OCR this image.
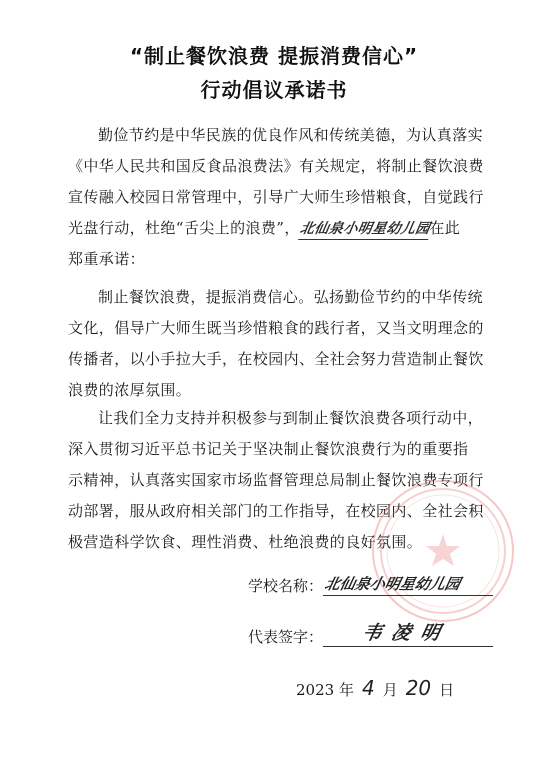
“制止餐饮浪费 提振消费信心”
行动倡议承诺书
勤俭节约是中华民族的优良作风和传统美德，为认真落实
《中华人民共和国反食品浪费法》有关规定，将制止餐饮浪费
宣传融入校园日常管理中，引导广大师生珍惜粮食，自觉践行
光盘行动，杜绝“舌尖上的浪费”，北仙泉小明星幼儿园在此
郑重承诺：
制止餐饮浪费，提振消费信心。弘扬勤俭节约的中华传统
文化，倡导广大师生既当珍惜粮食的践行者，又当文明理念的
传播者，以小手拉大手，在校园内、全社会努力营造制止餐饮
浪费的浓厚氛围。
让我们全力支持并积极参与到制止餐饮浪费各项行动中，
深入贯彻习近平总书记关于坚决制止餐饮浪费行为的重要指
示精神，认真落实国家市场监督管理总局制止餐饮浪费专项行
动部署，服从政府相关部门的工作指导，在校园内、全社会积
极营造科学饮食、理性消费、杜绝浪费的良好氛围。
学校名称： 北仙泉小明星幼儿园
代表签字： 韦凌明
2023 年 4 月 20 日
